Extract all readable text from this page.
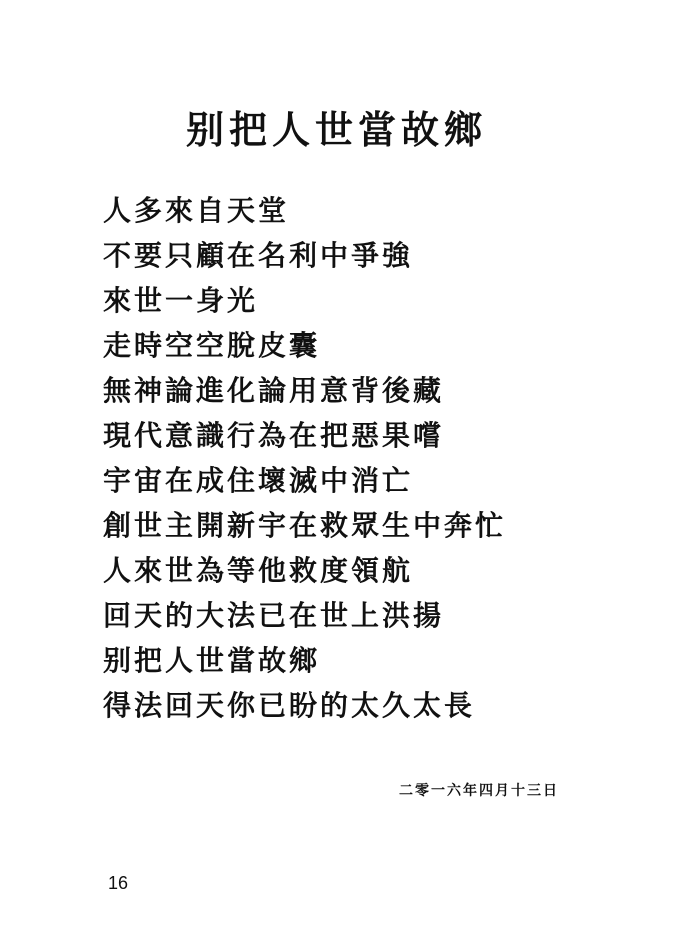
别把人世當故鄉
人多來自天堂
不要只顧在名利中爭強
來世一身光
走時空空脫皮囊
無神論進化論用意背後藏
現代意識行為在把惡果嚐
宇宙在成住壞滅中消亡
創世主開新宇在救眾生中奔忙
人來世為等他救度領航
回天的大法已在世上洪揚
别把人世當故鄉
得法回天你已盼的太久太長
二零一六年四月十三日
16
